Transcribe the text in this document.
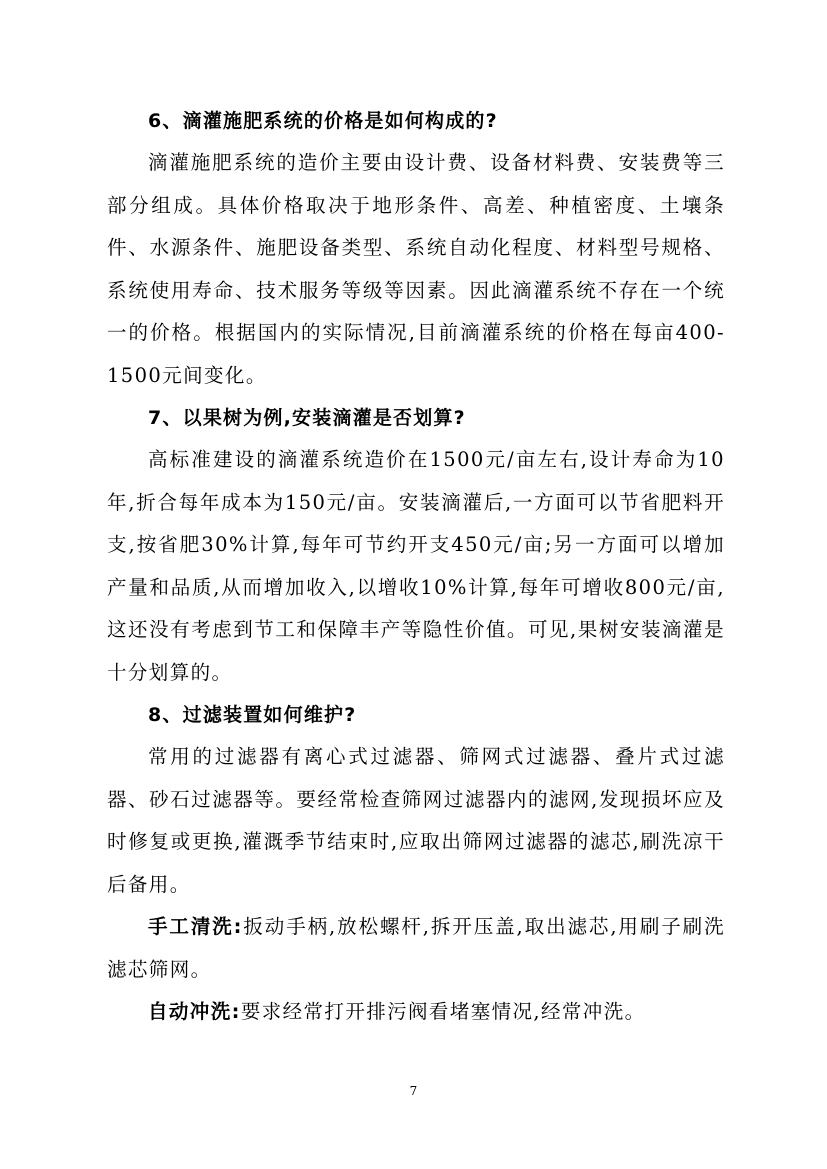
6、滴灌施肥系统的价格是如何构成的?

滴灌施肥系统的造价主要由设计费、设备材料费、安装费等三部分组成。具体价格取决于地形条件、高差、种植密度、土壤条件、水源条件、施肥设备类型、系统自动化程度、材料型号规格、系统使用寿命、技术服务等级等因素。因此滴灌系统不存在一个统一的价格。根据国内的实际情况,目前滴灌系统的价格在每亩400-1500元间变化。

7、以果树为例,安装滴灌是否划算?

高标准建设的滴灌系统造价在1500元/亩左右,设计寿命为10年,折合每年成本为150元/亩。安装滴灌后,一方面可以节省肥料开支,按省肥30%计算,每年可节约开支450元/亩;另一方面可以增加产量和品质,从而增加收入,以增收10%计算,每年可增收800元/亩,这还没有考虑到节工和保障丰产等隐性价值。可见,果树安装滴灌是十分划算的。

8、过滤装置如何维护?

常用的过滤器有离心式过滤器、筛网式过滤器、叠片式过滤器、砂石过滤器等。要经常检查筛网过滤器内的滤网,发现损坏应及时修复或更换,灌溉季节结束时,应取出筛网过滤器的滤芯,刷洗凉干后备用。

手工清洗:扳动手柄,放松螺杆,拆开压盖,取出滤芯,用刷子刷洗滤芯筛网。

自动冲洗:要求经常打开排污阀看堵塞情况,经常冲洗。

7
